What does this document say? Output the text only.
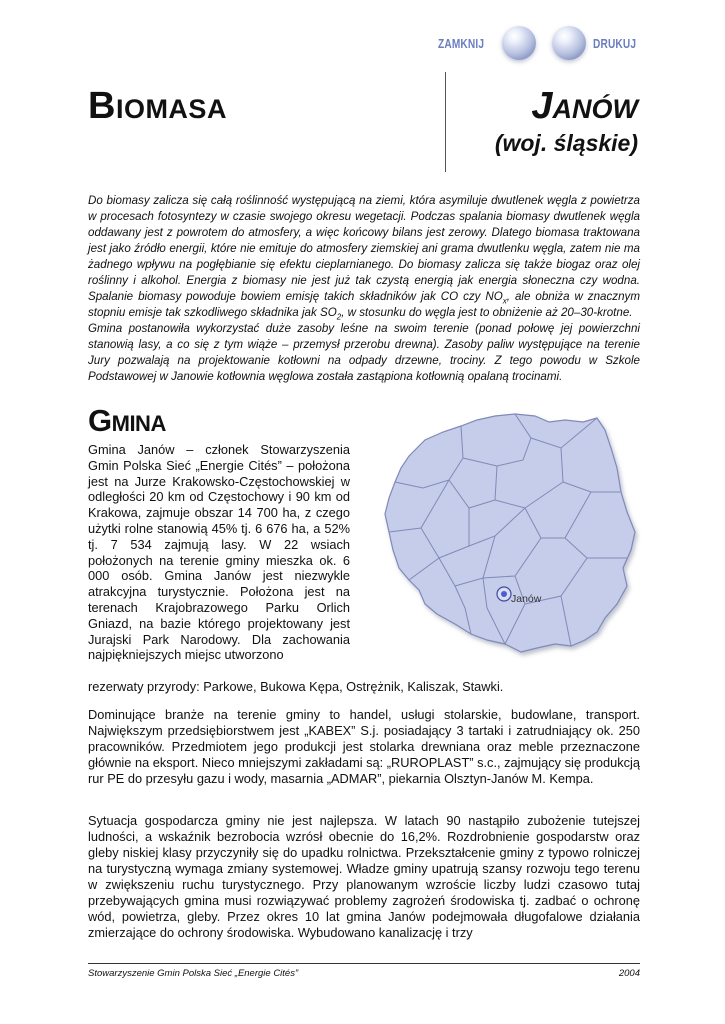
ZAMKNIJ	DRUKUJ
Biomasa	Janów
(woj. śląskie)

Do biomasy zalicza się całą roślinność występującą na ziemi, która asymiluje dwutlenek węgla z powietrza w procesach fotosyntezy w czasie swojego okresu wegetacji. Podczas spalania biomasy dwutlenek węgla oddawany jest z powrotem do atmosfery, a więc końcowy bilans jest zerowy. Dlatego biomasa traktowana jest jako źródło energii, które nie emituje do atmosfery ziemskiej ani grama dwutlenku węgla, zatem nie ma żadnego wpływu na pogłębianie się efektu cieplarnianego. Do biomasy zalicza się także biogaz oraz olej roślinny i alkohol. Energia z biomasy nie jest już tak czystą energią jak energia słoneczna czy wodna. Spalanie biomasy powoduje bowiem emisję takich składników jak CO czy $NO_x$, ale obniża w znacznym stopniu emisje tak szkodliwego składnika jak $SO_2$, w stosunku do węgla jest to obniżenie aż 20–30-krotne.

Gmina postanowiła wykorzystać duże zasoby leśne na swoim terenie (ponad połowę jej powierzchni stanowią lasy, a co się z tym wiąże – przemysł przerobu drewna). Zasoby paliw występujące na terenie Jury pozwalają na projektowanie kotłowni na odpady drzewne, trociny. Z tego powodu w Szkole Podstawowej w Janowie kotłownia węglowa została zastąpiona kotłownią opalaną trocinami.

Gmina
Gmina Janów – członek Stowarzyszenia Gmin Polska Sieć „Energie Cités” – położona jest na Jurze Krakowsko-Częstochowskiej w odległości 20 km od Częstochowy i 90 km od Krakowa, zajmuje obszar 14 700 ha, z czego użytki rolne stanowią 45% tj. 6 676 ha, a 52% tj. 7 534 zajmują lasy. W 22 wsiach położonych na terenie gminy mieszka ok. 6 000 osób. Gmina Janów jest niezwykle atrakcyjna turystycznie. Położona jest na terenach Krajobrazowego Parku Orlich Gniazd, na bazie którego projektowany jest Jurajski Park Narodowy. Dla zachowania najpiękniejszych miejsc utworzono
rezerwaty przyrody: Parkowe, Bukowa Kępa, Ostrężnik, Kaliszak, Stawki.
Janów
Dominujące branże na terenie gminy to handel, usługi stolarskie, budowlane, transport. Największym przedsiębiorstwem jest „KABEX” S.j. posiadający 3 tartaki i zatrudniający ok. 250 pracowników. Przedmiotem jego produkcji jest stolarka drewniana oraz meble przeznaczone głównie na eksport. Nieco mniejszymi zakładami są: „RUROPLAST” s.c., zajmujący się produkcją rur PE do przesyłu gazu i wody, masarnia „ADMAR”, piekarnia Olsztyn-Janów M. Kempa.
Sytuacja gospodarcza gminy nie jest najlepsza. W latach 90 nastąpiło zubożenie tutejszej ludności, a wskaźnik bezrobocia wzrósł obecnie do 16,2%. Rozdrobnienie gospodarstw oraz gleby niskiej klasy przyczyniły się do upadku rolnictwa. Przekształcenie gminy z typowo rolniczej na turystyczną wymaga zmiany systemowej. Władze gminy upatrują szansy rozwoju tego terenu w zwiększeniu ruchu turystycznego. Przy planowanym wzroście liczby ludzi czasowo tutaj przebywających gmina musi rozwiązywać problemy zagrożeń środowiska tj. zadbać o ochronę wód, powietrza, gleby. Przez okres 10 lat gmina Janów podejmowała długofalowe działania zmierzające do ochrony środowiska. Wybudowano kanalizację i trzy
Stowarzyszenie Gmin Polska Sieć „Energie Cités”	2004
